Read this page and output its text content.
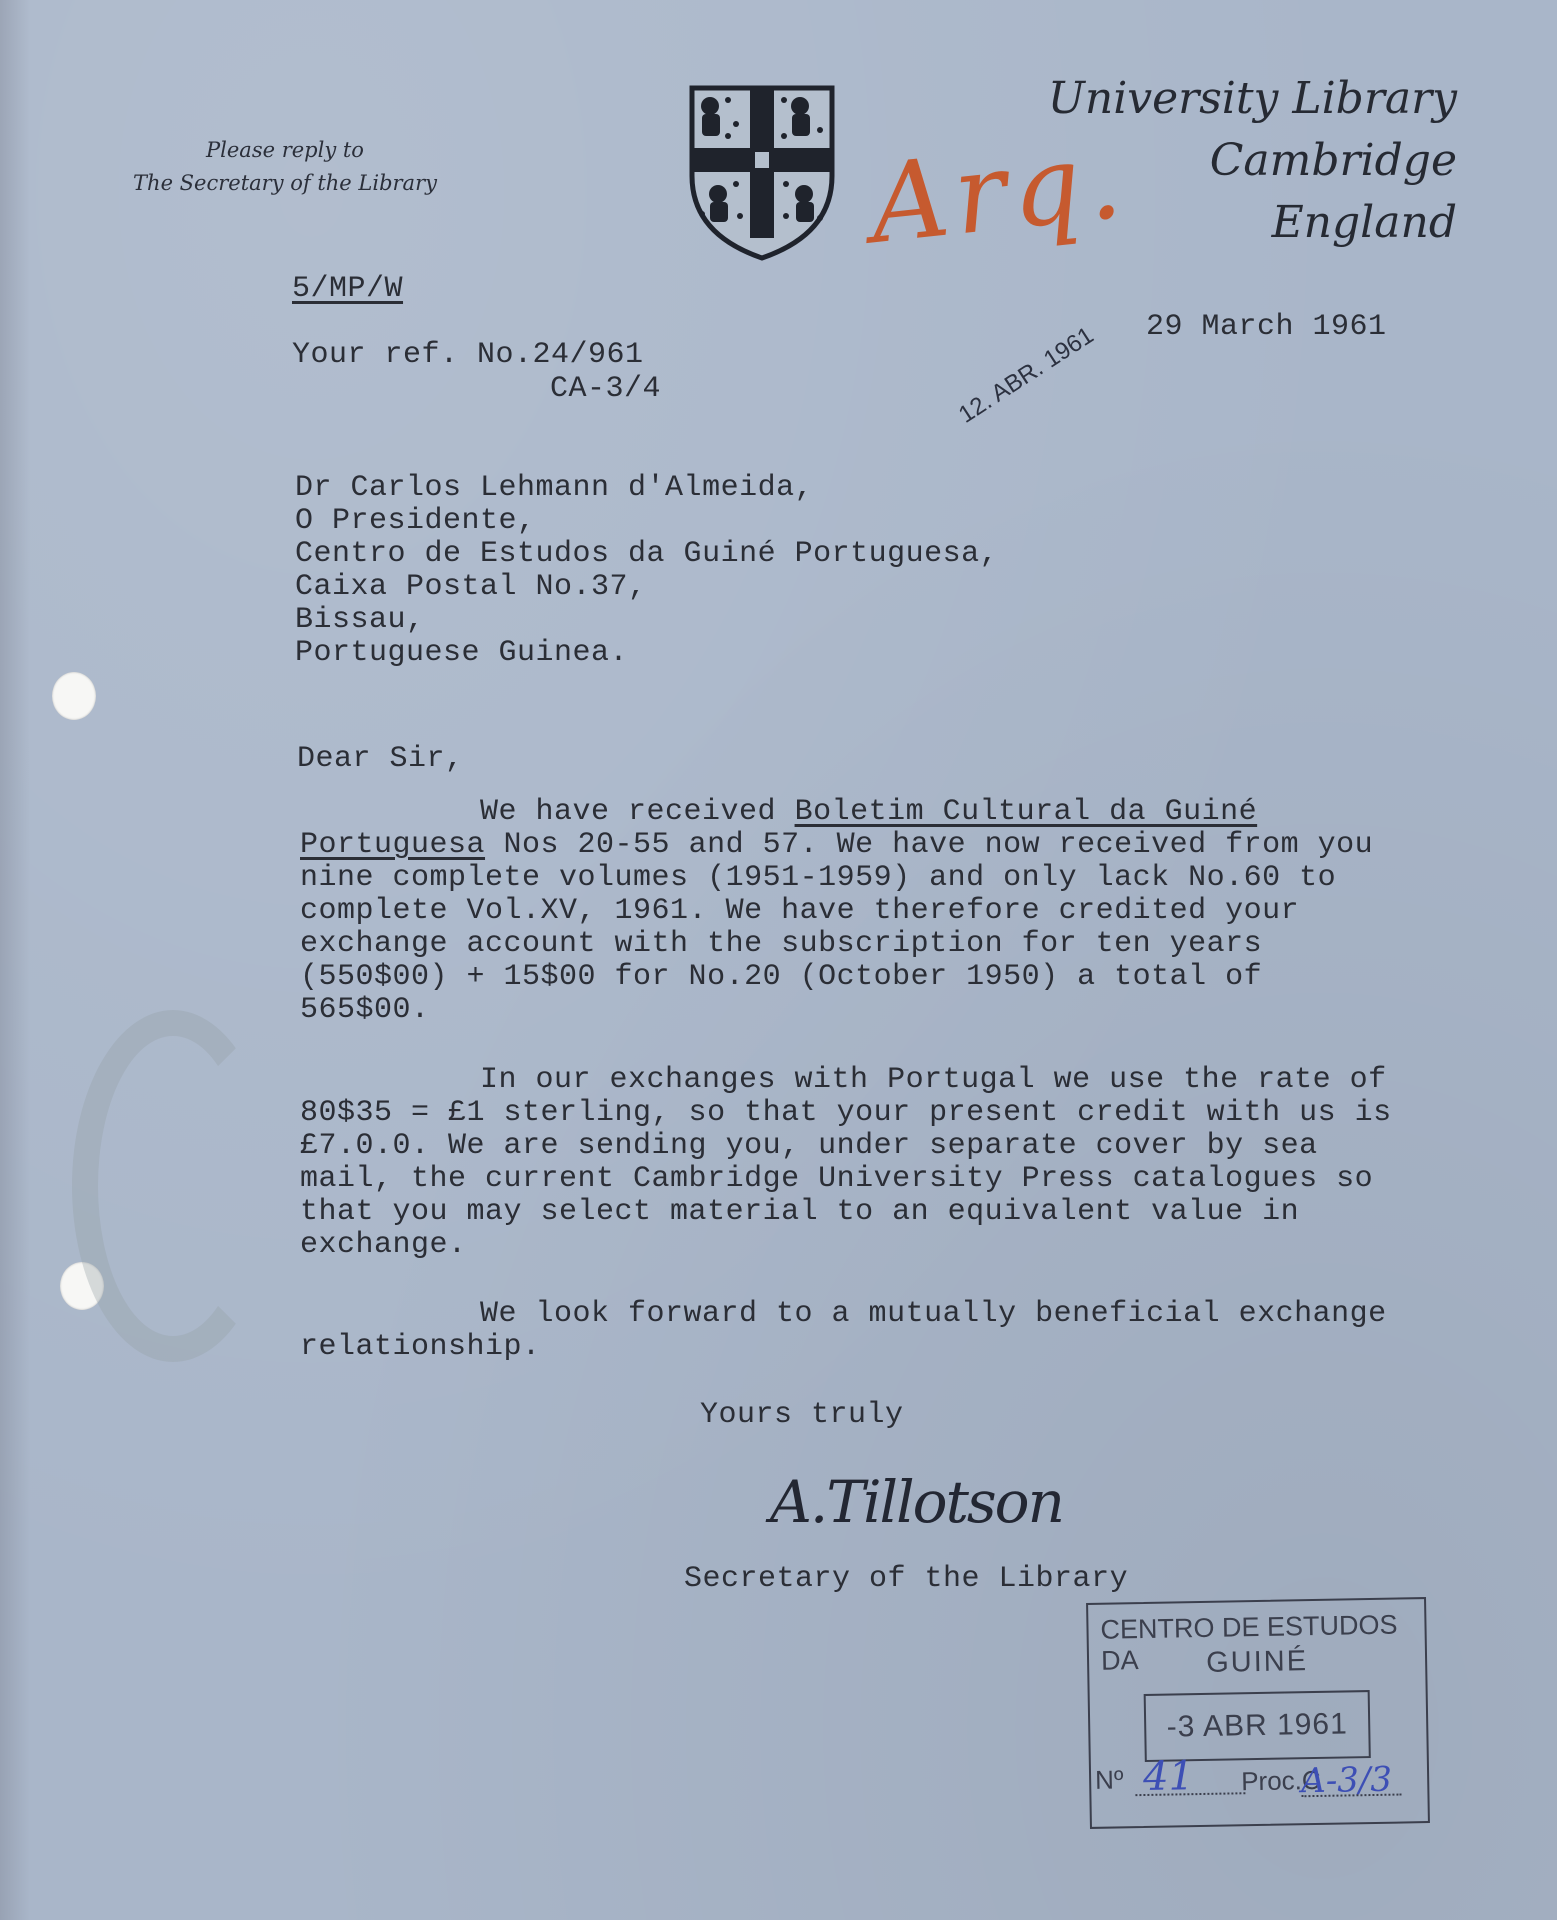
Please reply to
The Secretary of the Library
University Library
Cambridge
England
Arq.
5/MP/W
Your ref. No.24/961
CA-3/4
29 March 1961
12. ABR. 1961
Dr Carlos Lehmann d'Almeida,
O Presidente,
Centro de Estudos da Guiné Portuguesa,
Caixa Postal No.37,
Bissau,
Portuguese Guinea.
Dear Sir,
We have received Boletim Cultural da Guiné Portuguesa Nos 20-55 and 57. We have now received from you nine complete volumes (1951-1959) and only lack No.60 to complete Vol.XV, 1961. We have therefore credited your exchange account with the subscription for ten years (550$00) + 15$00 for No.20 (October 1950) a total of 565$00.
In our exchanges with Portugal we use the rate of 80$35 = £1 sterling, so that your present credit with us is £7.0.0. We are sending you, under separate cover by sea mail, the current Cambridge University Press catalogues so that you may select material to an equivalent value in exchange.
We look forward to a mutually beneficial exchange relationship.
Yours truly
A.Tillotson
Secretary of the Library
CENTRO DE ESTUDOS DA	GUINÉ
-3 ABR 1961
Nº 41 Proc.C
A-3/3
